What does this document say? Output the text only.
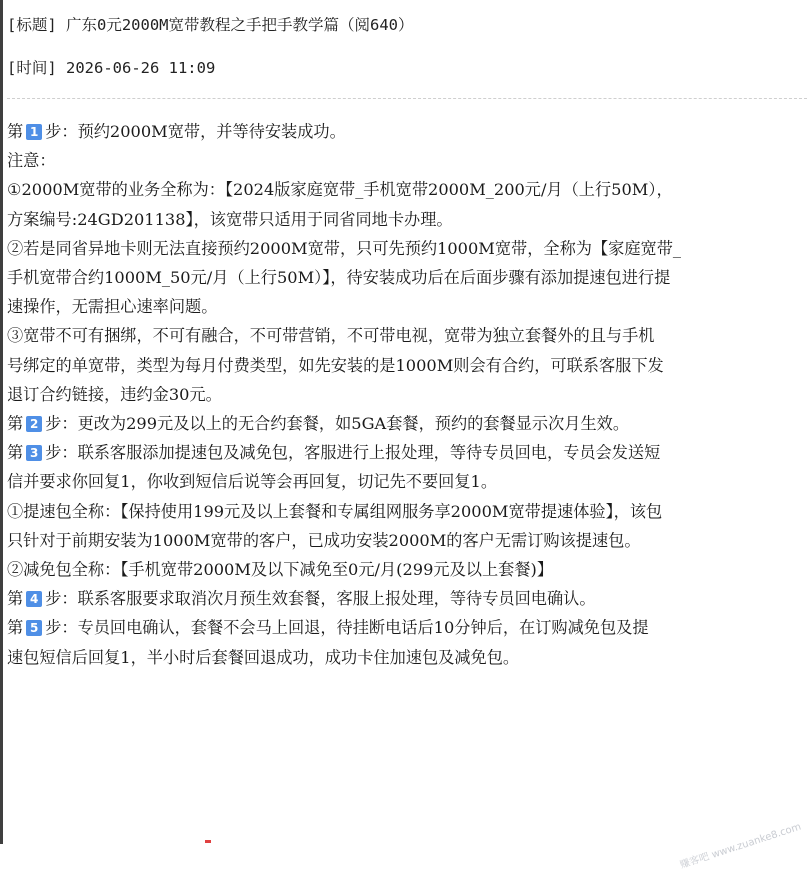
[标题] 广东0元2000M宽带教程之手把手教学篇（阅640）
[时间] 2026-06-26 11:09
第 1 步：预约2000M宽带，并等待安装成功。
注意：
①2000M宽带的业务全称为：【2024版家庭宽带_手机宽带2000M_200元/月（上行50M），
方案编号:24GD201138】，该宽带只适用于同省同地卡办理。
②若是同省异地卡则无法直接预约2000M宽带，只可先预约1000M宽带，全称为【家庭宽带_
手机宽带合约1000M_50元/月（上行50M）】，待安装成功后在后面步骤有添加提速包进行提
速操作，无需担心速率问题。
③宽带不可有捆绑，不可有融合，不可带营销，不可带电视，宽带为独立套餐外的且与手机
号绑定的单宽带，类型为每月付费类型，如先安装的是1000M则会有合约，可联系客服下发
退订合约链接，违约金30元。
第 2 步：更改为299元及以上的无合约套餐，如5GA套餐，预约的套餐显示次月生效。
第 3 步：联系客服添加提速包及减免包，客服进行上报处理，等待专员回电，专员会发送短
信并要求你回复1，你收到短信后说等会再回复，切记先不要回复1。
①提速包全称：【保持使用199元及以上套餐和专属组网服务享2000M宽带提速体验】，该包
只针对于前期安装为1000M宽带的客户，已成功安装2000M的客户无需订购该提速包。
②减免包全称：【手机宽带2000M及以下减免至0元/月(299元及以上套餐)】
第 4 步：联系客服要求取消次月预生效套餐，客服上报处理，等待专员回电确认。
第 5 步：专员回电确认，套餐不会马上回退，待挂断电话后10分钟后，在订购减免包及提
速包短信后回复1，半小时后套餐回退成功，成功卡住加速包及减免包。
赚客吧 www.zuanke8.com
